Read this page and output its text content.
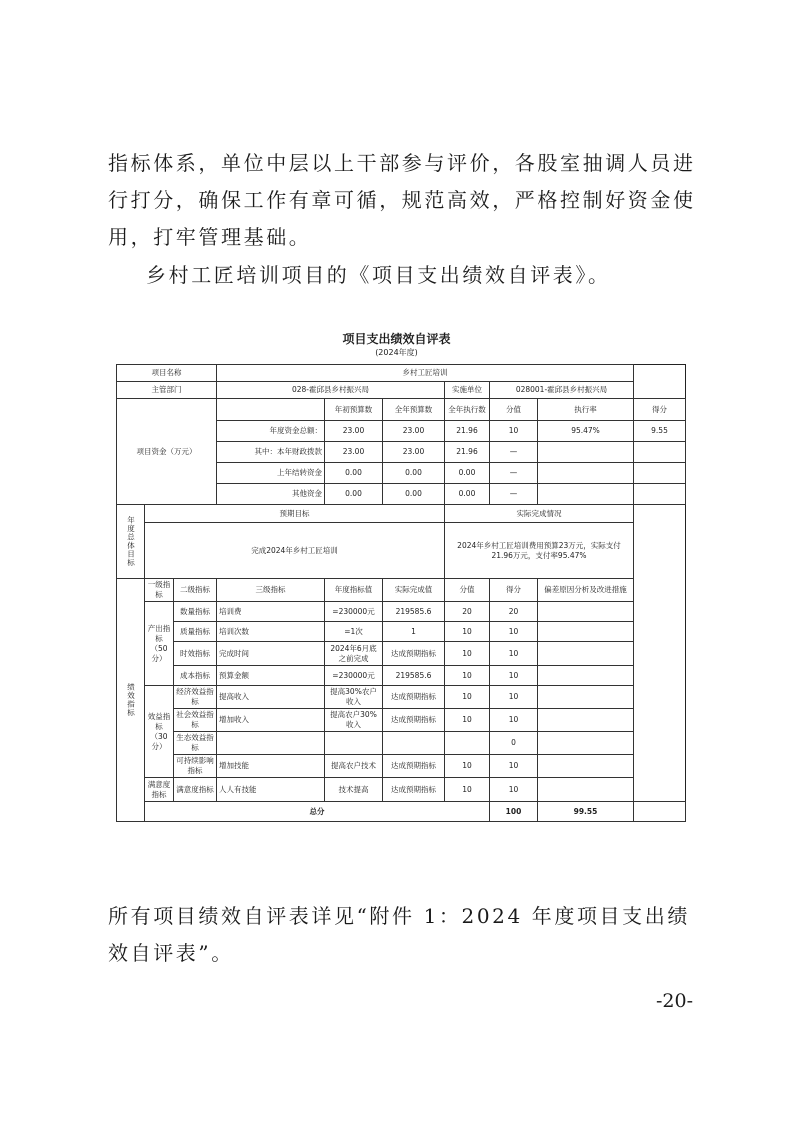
指标体系，单位中层以上干部参与评价，各股室抽调人员进行打分，确保工作有章可循，规范高效，严格控制好资金使用，打牢管理基础。

乡村工匠培训项目的《项目支出绩效自评表》。

项目支出绩效自评表
(2024年度)
项目名称			乡村工匠培训						
主管部门			028-霍邱县乡村振兴局			实施单位	028001-霍邱县乡村振兴局		
项目资金（万元）				年初预算数	全年预算数	全年执行数	分值	执行率	得分
			年度资金总额：	23.00	23.00	21.96	10	95.47%	9.55
			其中：本年财政拨款	23.00	23.00	21.96	—		
			上年结转资金	0.00	0.00	0.00	—		
			其他资金	0.00	0.00	0.00	—		

年度总体目标	预期目标					实际完成情况			
	完成2024年乡村工匠培训					2024年乡村工匠培训费用预算23万元，实际支付21.96万元，支付率95.47%			

绩效指标	一级指标	二级指标	三级指标	年度指标值	实际完成值	分值	得分	偏差原因分析及改进措施	
	产出指标（50分）	数量指标	培训费	=230000元	219585.6	20	20		
		质量指标	培训次数	=1次	1	10	10		
		时效指标	完成时间	2024年6月底之前完成	达成预期指标	10	10		
		成本指标	预算金额	=230000元	219585.6	10	10		
	效益指标（30分）	经济效益指标	提高收入	提高30%农户收入	达成预期指标	10	10		
		社会效益指标	增加收入	提高农户30%收入	达成预期指标	10	10		
		生态效益指标					0		
		可持续影响指标	增加技能	提高农户技术	达成预期指标	10	10		
	满意度指标	满意度指标	人人有技能	技术提高	达成预期指标	10	10		
	总分						100	99.55	

所有项目绩效自评表详见“附件 1：2024 年度项目支出绩效自评表”。

-20-
